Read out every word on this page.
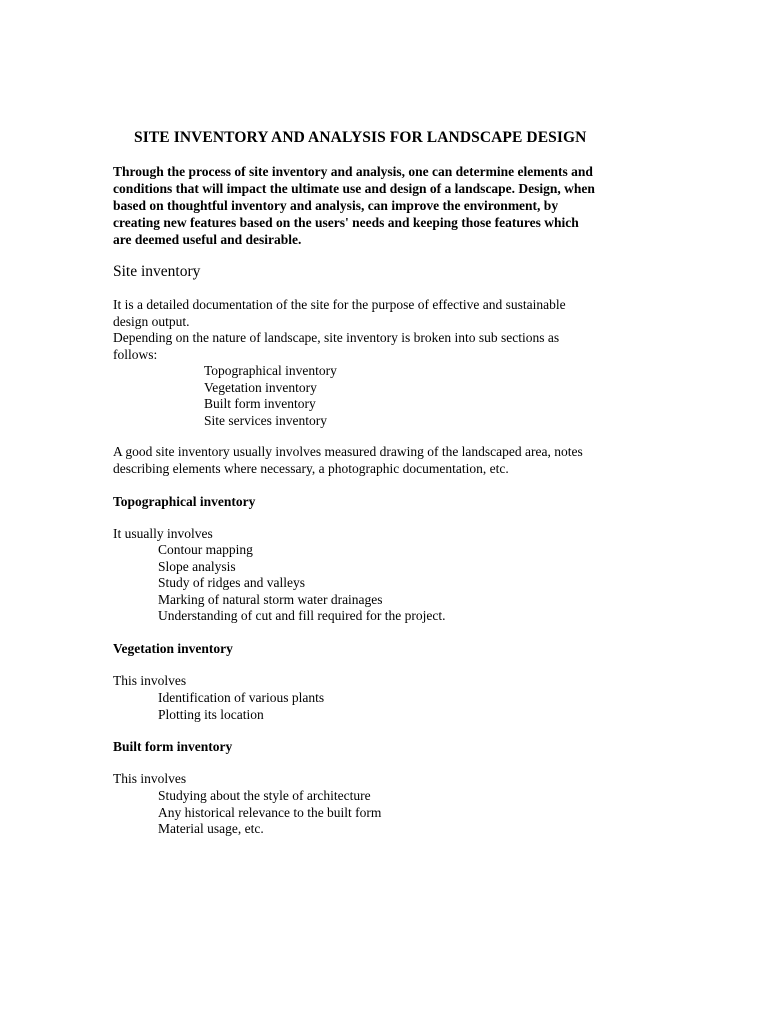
SITE INVENTORY AND ANALYSIS FOR LANDSCAPE DESIGN

Through the process of site inventory and analysis, one can determine elements and
conditions that will impact the ultimate use and design of a landscape. Design, when
based on thoughtful inventory and analysis, can improve the environment, by
creating new features based on the users' needs and keeping those features which
are deemed useful and desirable.

Site inventory

It is a detailed documentation of the site for the purpose of effective and sustainable
design output.
Depending on the nature of landscape, site inventory is broken into sub sections as
follows:

Topographical inventory
Vegetation inventory
Built form inventory
Site services inventory

A good site inventory usually involves measured drawing of the landscaped area, notes
describing elements where necessary, a photographic documentation, etc.

Topographical inventory

It usually involves

Contour mapping
Slope analysis
Study of ridges and valleys
Marking of natural storm water drainages
Understanding of cut and fill required for the project.
Vegetation inventory

This involves

Identification of various plants
Plotting its location
Built form inventory

This involves

Studying about the style of architecture
Any historical relevance to the built form
Material usage, etc.
